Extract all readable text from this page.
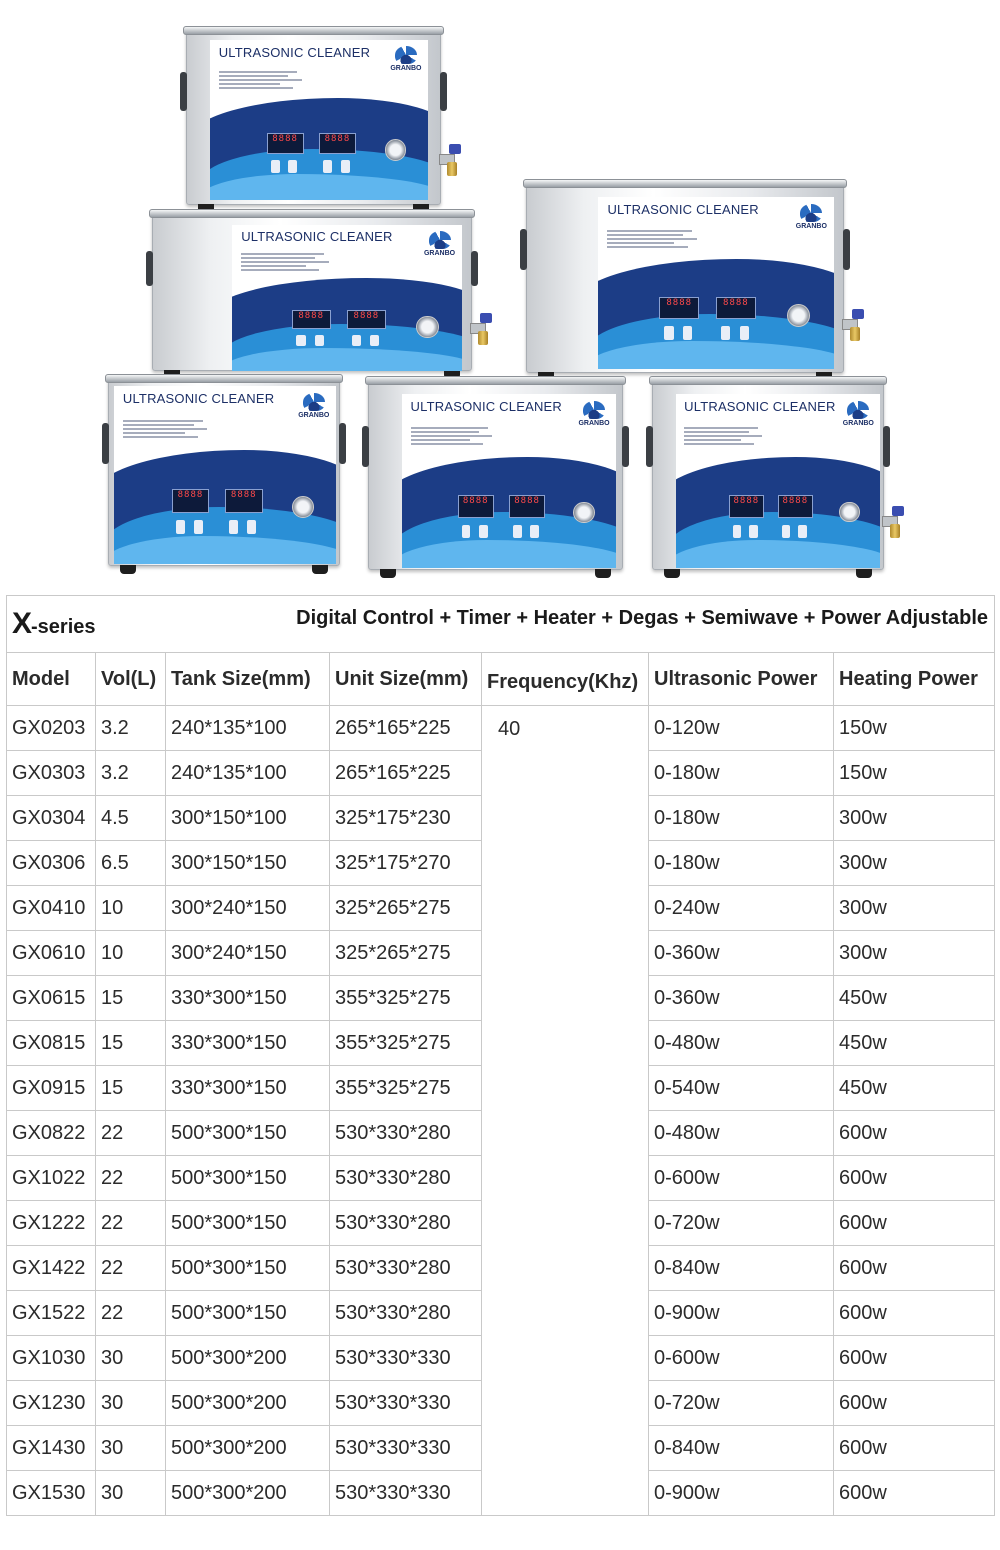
ULTRASONIC CLEANER
GRANBO
8888	8888
ULTRASONIC CLEANER
GRANBO
8888	8888
ULTRASONIC CLEANER
GRANBO
8888	8888
ULTRASONIC CLEANER
GRANBO
8888	8888
ULTRASONIC CLEANER
GRANBO
8888	8888
ULTRASONIC CLEANER
GRANBO
8888	8888
X-series Digital Control + Timer + Heater + Degas + Semiwave + Power Adjustable						

Model	Vol(L)	Tank Size(mm)	Unit Size(mm)	Frequency(Khz)	Ultrasonic Power	Heating Power
GX0203	3.2	240*135*100	265*165*225	40	0-120w	150w
GX0303	3.2	240*135*100	265*165*225		0-180w	150w
GX0304	4.5	300*150*100	325*175*230		0-180w	300w
GX0306	6.5	300*150*150	325*175*270		0-180w	300w
GX0410	10	300*240*150	325*265*275		0-240w	300w
GX0610	10	300*240*150	325*265*275		0-360w	300w
GX0615	15	330*300*150	355*325*275		0-360w	450w
GX0815	15	330*300*150	355*325*275		0-480w	450w
GX0915	15	330*300*150	355*325*275		0-540w	450w
GX0822	22	500*300*150	530*330*280		0-480w	600w
GX1022	22	500*300*150	530*330*280		0-600w	600w
GX1222	22	500*300*150	530*330*280		0-720w	600w
GX1422	22	500*300*150	530*330*280		0-840w	600w
GX1522	22	500*300*150	530*330*280		0-900w	600w
GX1030	30	500*300*200	530*330*330		0-600w	600w
GX1230	30	500*300*200	530*330*330		0-720w	600w
GX1430	30	500*300*200	530*330*330		0-840w	600w
GX1530	30	500*300*200	530*330*330		0-900w	600w
